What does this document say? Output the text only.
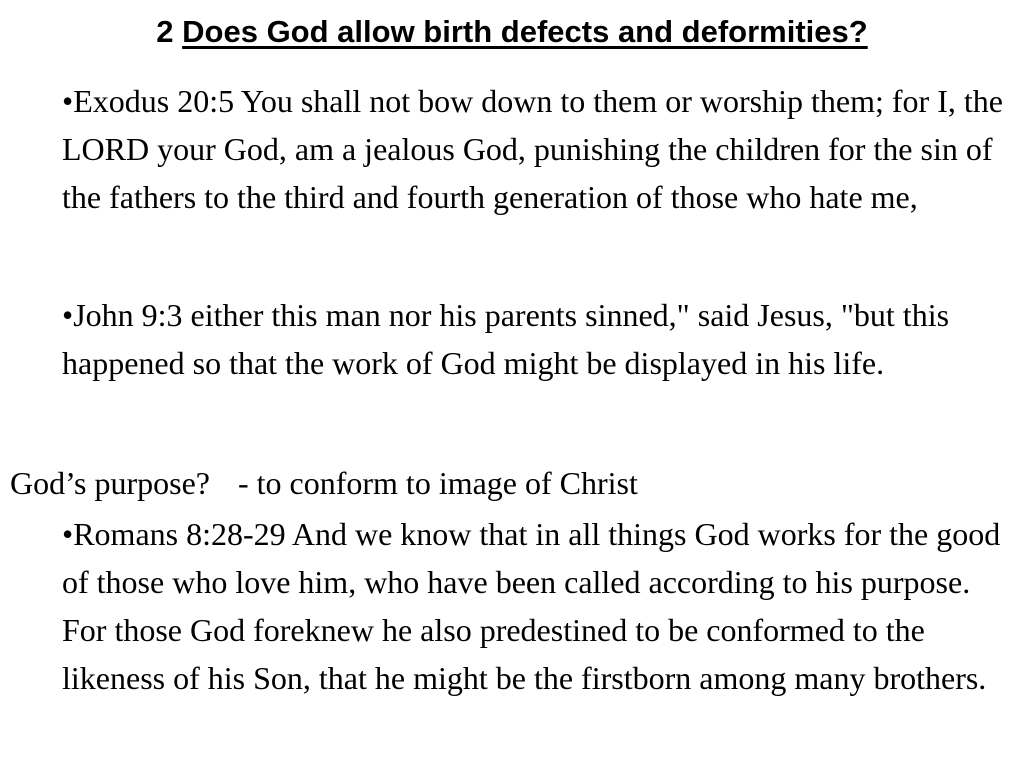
2 Does God allow birth defects and deformities?

•Exodus 20:5 You shall not bow down to them or worship them; for I, the LORD your God, am a jealous God, punishing the children for the sin of the fathers to the third and fourth generation of those who hate me,

•John 9:3 either this man nor his parents sinned," said Jesus, "but this happened so that the work of God might be displayed in his life.

God’s purpose? - to conform to image of Christ

•Romans 8:28-29 And we know that in all things God works for the good of those who love him, who have been called according to his purpose. For those God foreknew he also predestined to be conformed to the likeness of his Son, that he might be the firstborn among many brothers.
